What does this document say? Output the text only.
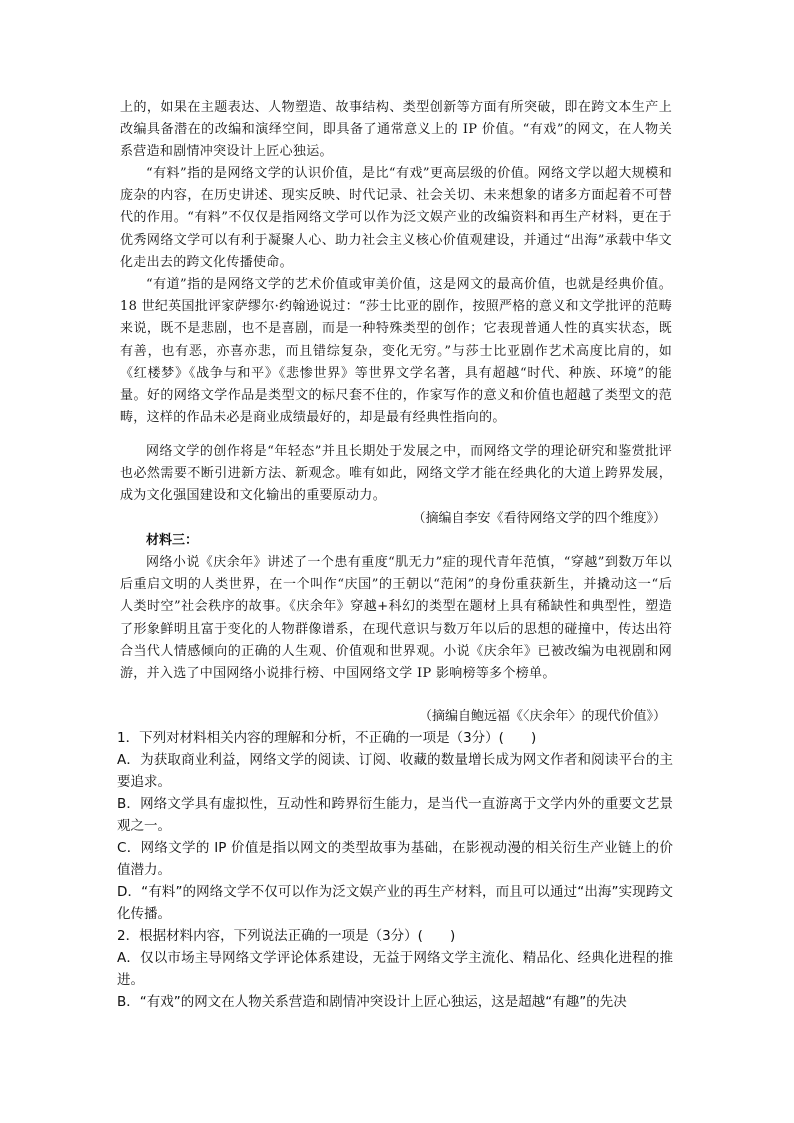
上的，如果在主题表达、人物塑造、故事结构、类型创新等方面有所突破，即在跨文本生产上改编具备潜在的改编和演绎空间，即具备了通常意义上的 IP 价值。“有戏”的网文，在人物关系营造和剧情冲突设计上匠心独运。

“有料”指的是网络文学的认识价值，是比“有戏”更高层级的价值。网络文学以超大规模和庞杂的内容，在历史讲述、现实反映、时代记录、社会关切、未来想象的诸多方面起着不可替代的作用。“有料”不仅仅是指网络文学可以作为泛文娱产业的改编资料和再生产材料，更在于优秀网络文学可以有利于凝聚人心、助力社会主义核心价值观建设，并通过“出海”承载中华文化走出去的跨文化传播使命。

“有道”指的是网络文学的艺术价值或审美价值，这是网文的最高价值，也就是经典价值。18 世纪英国批评家萨缪尔·约翰逊说过：“莎士比亚的剧作，按照严格的意义和文学批评的范畴来说，既不是悲剧，也不是喜剧，而是一种特殊类型的创作；它表现普通人性的真实状态，既有善，也有恶，亦喜亦悲，而且错综复杂，变化无穷。”与莎士比亚剧作艺术高度比肩的，如《红楼梦》《战争与和平》《悲惨世界》等世界文学名著，具有超越“时代、种族、环境”的能量。好的网络文学作品是类型文的标尺套不住的，作家写作的意义和价值也超越了类型文的范畴，这样的作品未必是商业成绩最好的，却是最有经典性指向的。

网络文学的创作将是“年轻态”并且长期处于发展之中，而网络文学的理论研究和鉴赏批评也必然需要不断引进新方法、新观念。唯有如此，网络文学才能在经典化的大道上跨界发展，成为文化强国建设和文化输出的重要原动力。

（摘编自李安《看待网络文学的四个维度》）

材料三：

网络小说《庆余年》讲述了一个患有重度“肌无力”症的现代青年范慎，“穿越”到数万年以后重启文明的人类世界，在一个叫作“庆国”的王朝以“范闲”的身份重获新生，并撬动这一“后人类时空”社会秩序的故事。《庆余年》穿越+科幻的类型在题材上具有稀缺性和典型性，塑造了形象鲜明且富于变化的人物群像谱系，在现代意识与数万年以后的思想的碰撞中，传达出符合当代人情感倾向的正确的人生观、价值观和世界观。小说《庆余年》已被改编为电视剧和网游，并入选了中国网络小说排行榜、中国网络文学 IP 影响榜等多个榜单。

（摘编自鲍远福《〈庆余年〉的现代价值》）

1．下列对材料相关内容的理解和分析，不正确的一项是（3分）(　　)

A．为获取商业利益，网络文学的阅读、订阅、收藏的数量增长成为网文作者和阅读平台的主要追求。

B．网络文学具有虚拟性，互动性和跨界衍生能力，是当代一直游离于文学内外的重要文艺景观之一。

C．网络文学的 IP 价值是指以网文的类型故事为基础，在影视动漫的相关衍生产业链上的价值潜力。

D．“有料”的网络文学不仅可以作为泛文娱产业的再生产材料，而且可以通过“出海”实现跨文化传播。

2．根据材料内容，下列说法正确的一项是（3分）(　　)

A．仅以市场主导网络文学评论体系建设，无益于网络文学主流化、精品化、经典化进程的推进。

B．“有戏”的网文在人物关系营造和剧情冲突设计上匠心独运，这是超越“有趣”的先决
